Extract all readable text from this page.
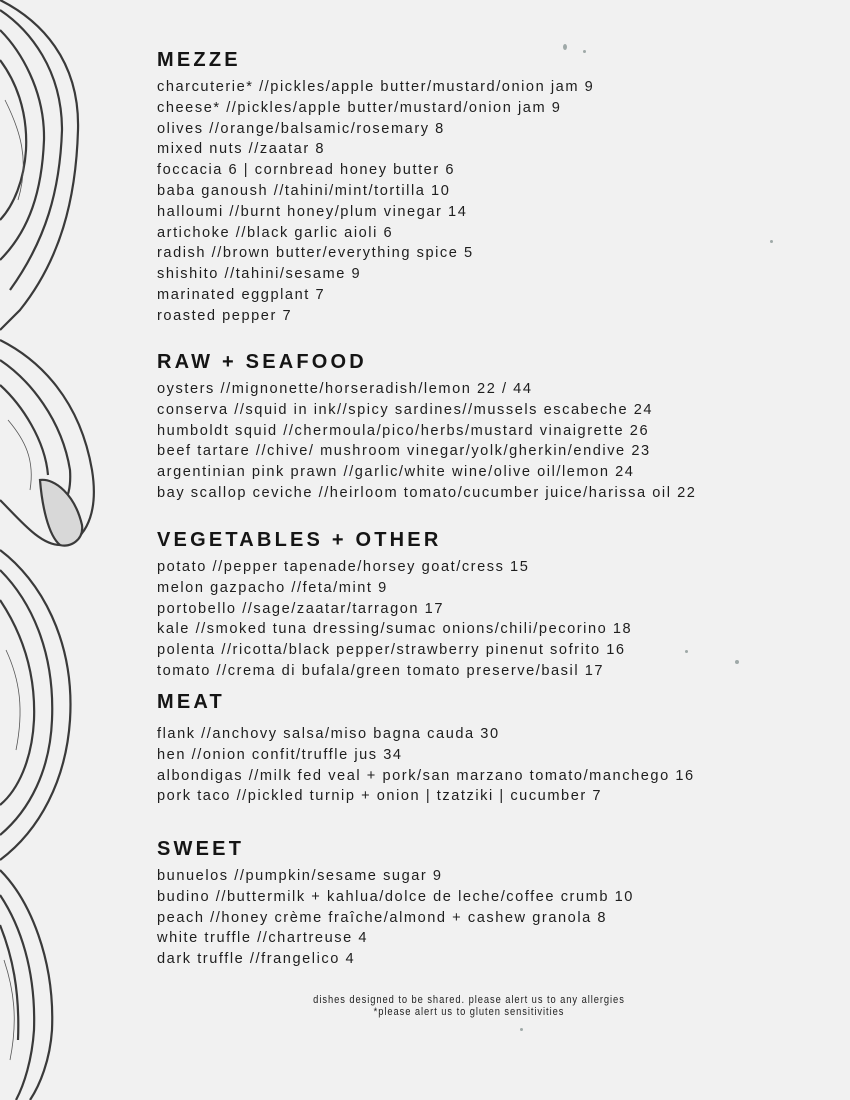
MEZZE
charcuterie* //pickles/apple butter/mustard/onion jam 9
cheese* //pickles/apple butter/mustard/onion jam 9
olives //orange/balsamic/rosemary 8
mixed nuts //zaatar 8
foccacia 6 | cornbread honey butter 6
baba ganoush //tahini/mint/tortilla 10
halloumi //burnt honey/plum vinegar 14
artichoke //black garlic aioli 6
radish //brown butter/everything spice 5
shishito //tahini/sesame 9
marinated eggplant 7
roasted pepper 7
RAW + SEAFOOD
oysters //mignonette/horseradish/lemon 22 / 44
conserva //squid in ink//spicy sardines//mussels escabeche 24
humboldt squid //chermoula/pico/herbs/mustard vinaigrette 26
beef tartare //chive/ mushroom vinegar/yolk/gherkin/endive 23
argentinian pink prawn //garlic/white wine/olive oil/lemon 24
bay scallop ceviche //heirloom tomato/cucumber juice/harissa oil 22
VEGETABLES + OTHER
potato //pepper tapenade/horsey goat/cress 15
melon gazpacho //feta/mint 9
portobello //sage/zaatar/tarragon 17
kale //smoked tuna dressing/sumac onions/chili/pecorino 18
polenta //ricotta/black pepper/strawberry pinenut sofrito 16
tomato //crema di bufala/green tomato preserve/basil 17
MEAT
flank //anchovy salsa/miso bagna cauda 30
hen //onion confit/truffle jus 34
albondigas //milk fed veal + pork/san marzano tomato/manchego 16
pork taco //pickled turnip + onion | tzatziki | cucumber 7
SWEET
bunuelos //pumpkin/sesame sugar 9
budino //buttermilk + kahlua/dolce de leche/coffee crumb 10
peach //honey crème fraîche/almond + cashew granola 8
white truffle //chartreuse 4
dark truffle //frangelico 4
dishes designed to be shared. please alert us to any allergies
*please alert us to gluten sensitivities
